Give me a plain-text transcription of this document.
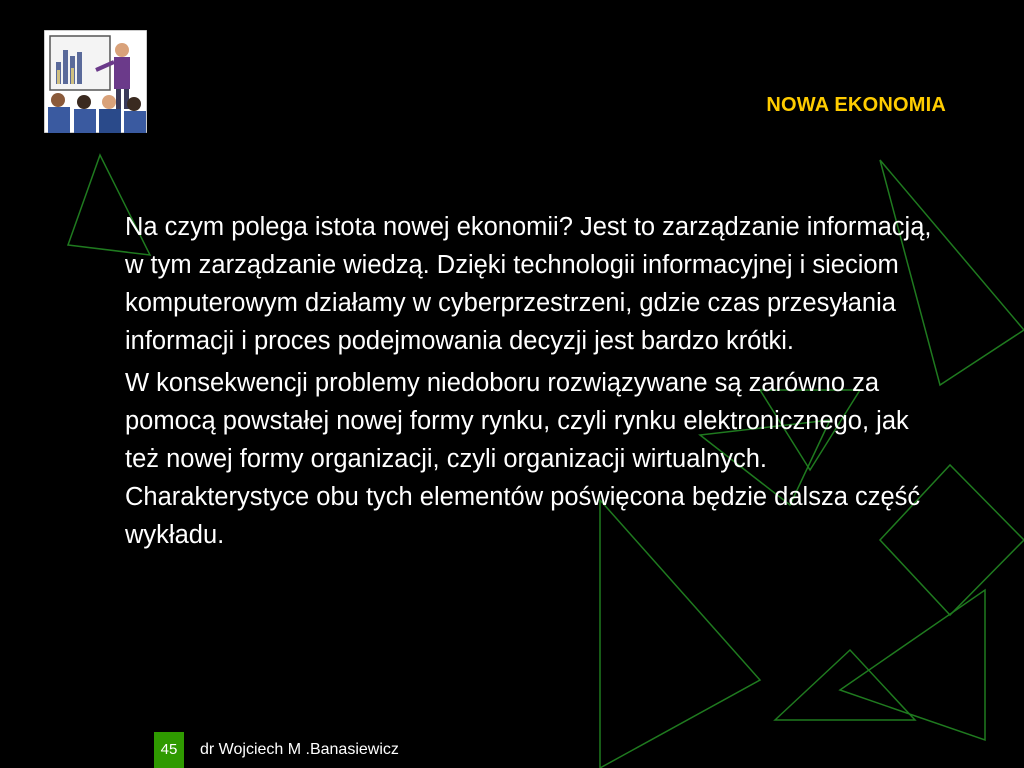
NOWA EKONOMIA

Na czym polega istota nowej ekonomii? Jest to zarządzanie informacją, w tym zarządzanie wiedzą. Dzięki technologii informacyjnej i sieciom komputerowym działamy w cyberprzestrzeni, gdzie czas przesyłania informacji i proces podejmowania decyzji jest bardzo krótki.

W konsekwencji problemy niedoboru rozwiązywane są zarówno za pomocą powstałej nowej formy rynku, czyli rynku elektronicznego, jak też nowej formy organizacji, czyli organizacji wirtualnych. Charakterystyce obu tych elementów poświęcona będzie dalsza część wykładu.

45	dr Wojciech M .Banasiewicz
